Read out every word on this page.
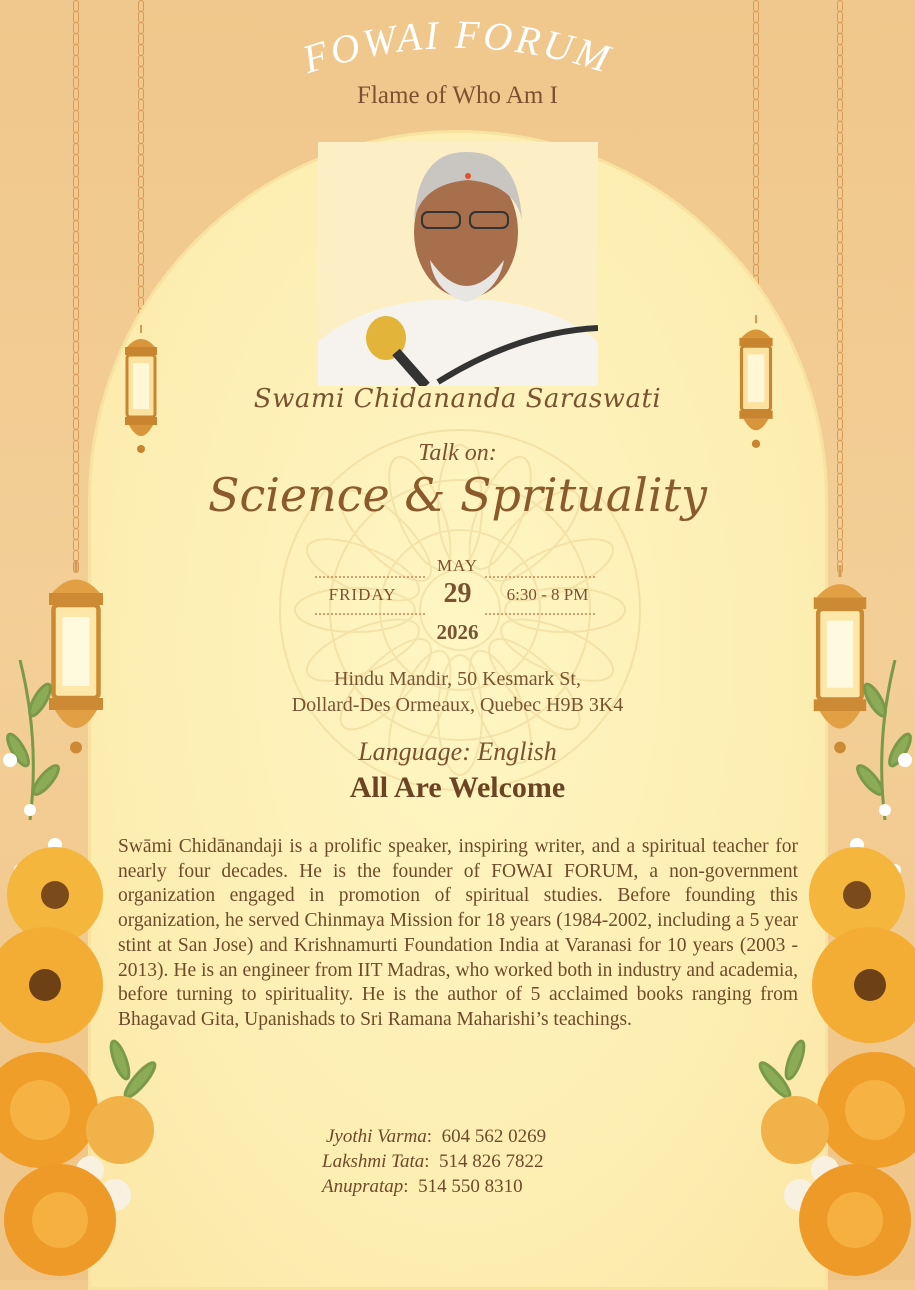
FOWAI FORUM
Flame of Who Am I
Swami Chidananda Saraswati
Talk on:
Science & Sprituality
MAY
FRIDAY	29	6:30 - 8 PM
2026
Hindu Mandir, 50 Kesmark St,
Dollard-Des Ormeaux, Quebec H9B 3K4
Language: English
All Are Welcome
Swāmi Chidānandaji is a prolific speaker, inspiring writer, and a spiritual teacher for nearly four decades. He is the founder of FOWAI FORUM, a non-government organization engaged in promotion of spiritual studies. Before founding this organization, he served Chinmaya Mission for 18 years (1984-2002, including a 5 year stint at San Jose) and Krishnamurti Foundation India at Varanasi for 10 years (2003 - 2013). He is an engineer from IIT Madras, who worked both in industry and academia, before turning to spirituality. He is the author of 5 acclaimed books ranging from Bhagavad Gita, Upanishads to Sri Ramana Maharishi’s teachings.
Jyothi Varma:  604 562 0269
Lakshmi Tata:  514 826 7822
Anupratap:  514 550 8310
